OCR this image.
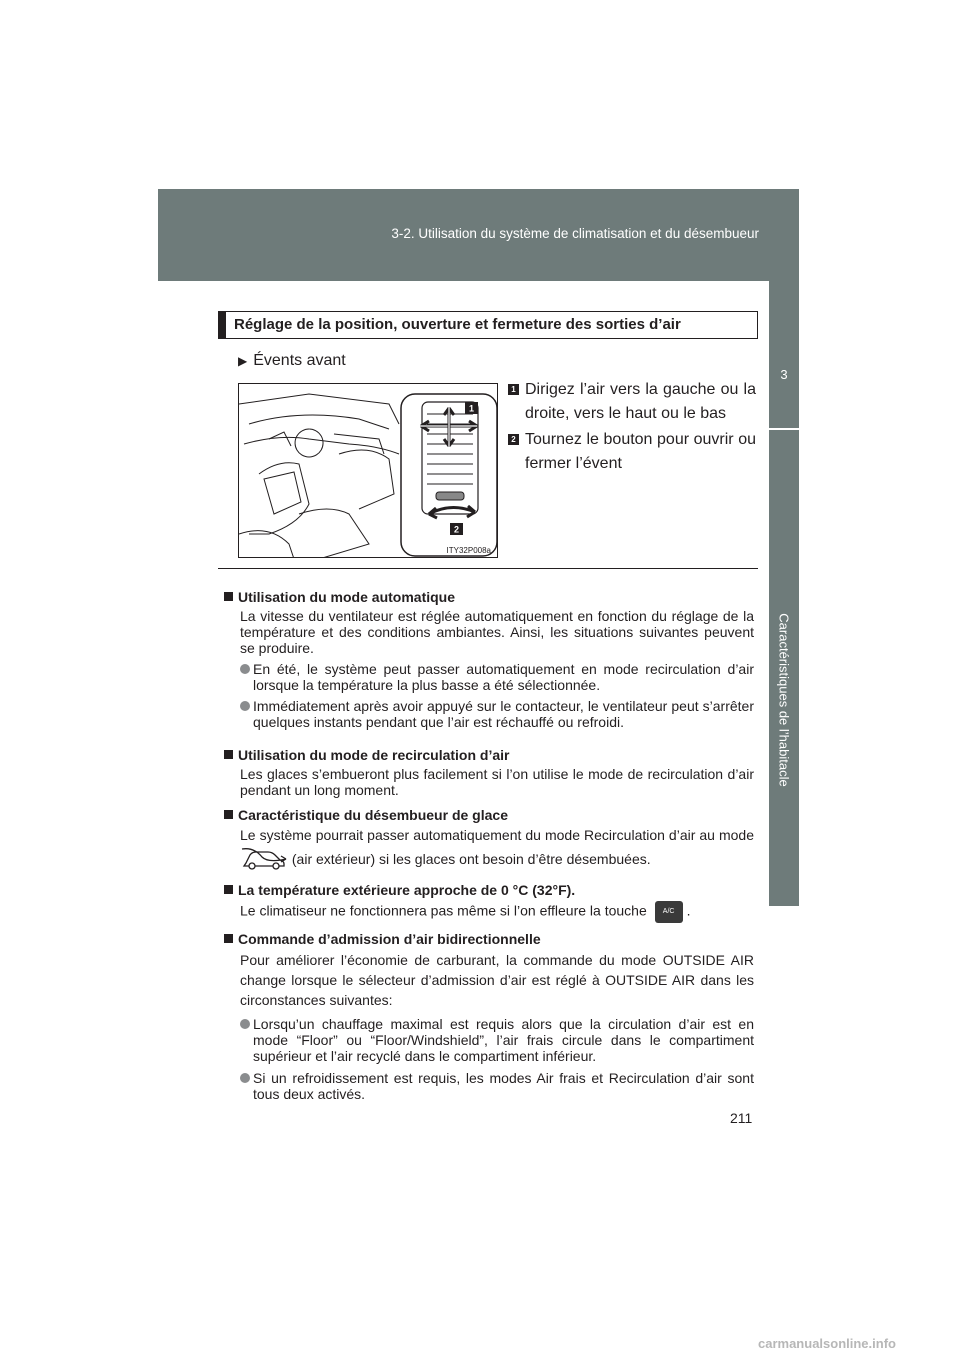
3-2. Utilisation du système de climatisation et du désembueur
3
Caractéristiques de l’habitacle
Réglage de la position, ouverture et fermeture des sorties d’air
▶ Évents avant
1
2
ITY32P008a
1 Dirigez l’air vers la gauche ou la droite, vers le haut ou le bas
2 Tournez le bouton pour ouvrir ou fermer l’évent
Utilisation du mode automatique
La vitesse du ventilateur est réglée automatiquement en fonction du réglage de la température et des conditions ambiantes. Ainsi, les situations suivantes peuvent se produire.
En été, le système peut passer automatiquement en mode recirculation d’air lorsque la température la plus basse a été sélectionnée.
Immédiatement après avoir appuyé sur le contacteur, le ventilateur peut s’arrêter quelques instants pendant que l’air est réchauffé ou refroidi.
Utilisation du mode de recirculation d’air
Les glaces s’embueront plus facilement si l’on utilise le mode de recirculation d’air pendant un long moment.
Caractéristique du désembueur de glace
Le système pourrait passer automatiquement du mode Recirculation d’air au mode  (air extérieur) si les glaces ont besoin d’être désembuées.
La température extérieure approche de 0 °C (32°F).
Le climatiseur ne fonctionnera pas même si l’on effleure la touche A/C .
Commande d’admission d’air bidirectionnelle
Pour améliorer l’économie de carburant, la commande du mode OUTSIDE AIR change lorsque le sélecteur d’admission d’air est réglé à OUTSIDE AIR dans les circonstances suivantes:
Lorsqu’un chauffage maximal est requis alors que la circulation d’air est en mode “Floor” ou “Floor/Windshield”, l’air frais circule dans le compartiment supérieur et l’air recyclé dans le compartiment inférieur.
Si un refroidissement est requis, les modes Air frais et Recirculation d’air sont tous deux activés.
211
carmanualsonline.info
